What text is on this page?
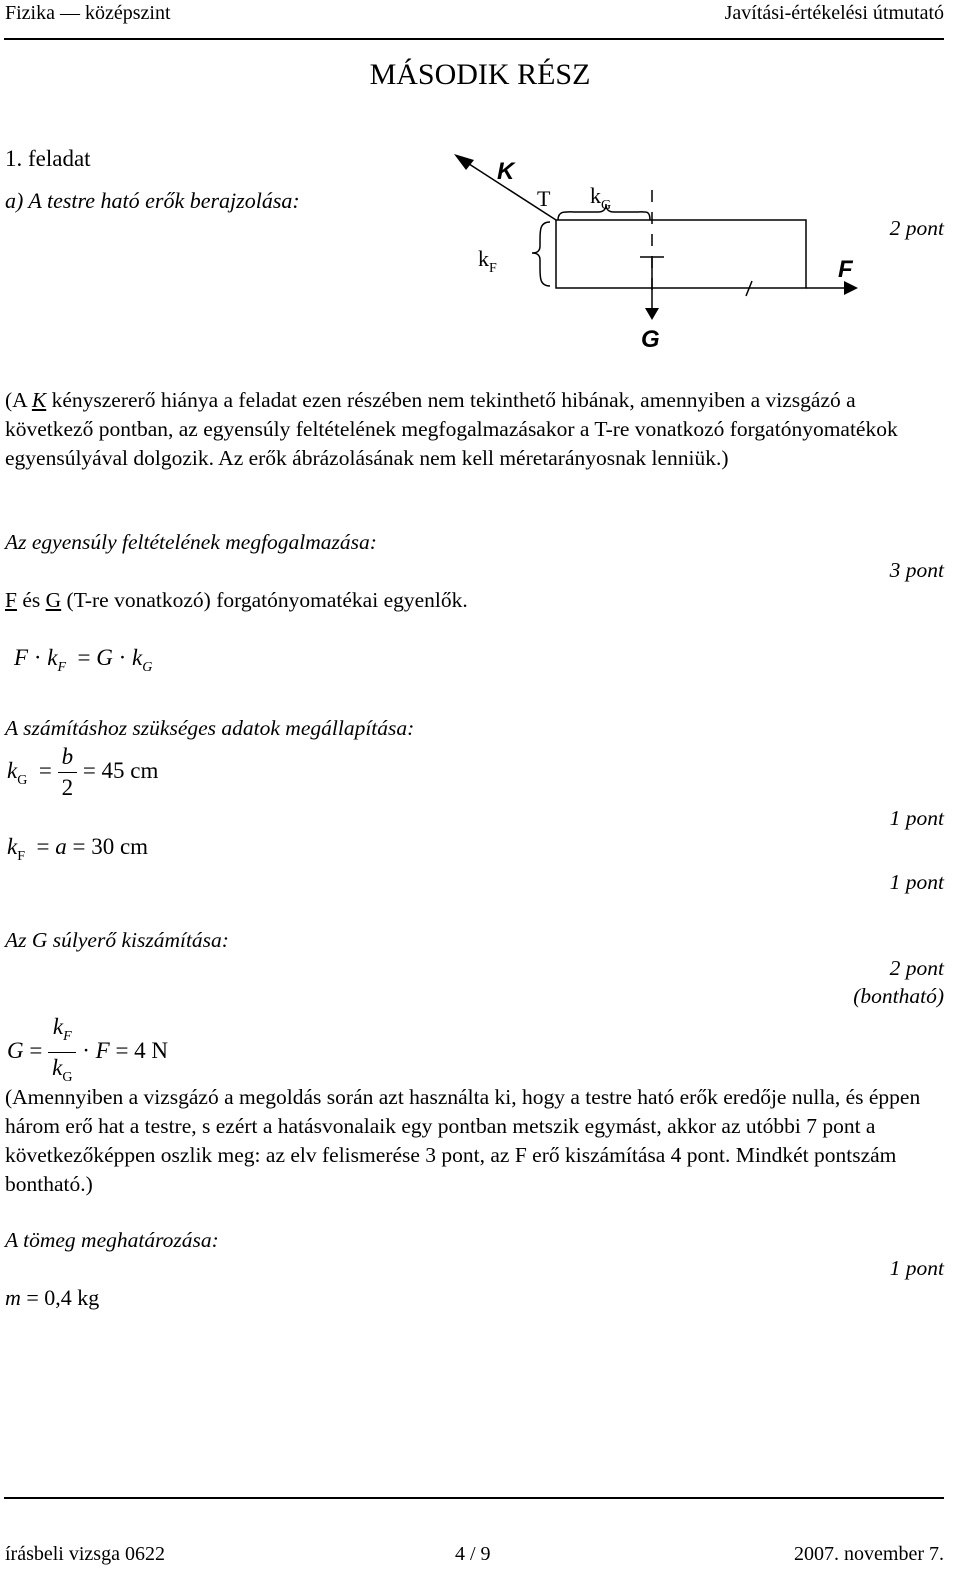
Fizika — középszint	Javítási-értékelési útmutató
MÁSODIK RÉSZ
1. feladat
a) A testre ható erők berajzolása:
K
T $k_G$
$k_F$	F
G
2 pont
(A K kényszererő hiánya a feladat ezen részében nem tekinthető hibának, amennyiben a vizsgázó a következő pontban, az egyensúly feltételének megfogalmazásakor a T-re vonatkozó forgatónyomatékok egyensúlyával dolgozik. Az erők ábrázolásának nem kell méretarányosnak lenniük.)
Az egyensúly feltételének megfogalmazása:
3 pont
F és G (T-re vonatkozó) forgatónyomatékai egyenlők.
$F \cdot k_F = G \cdot k_G$
A számításhoz szükséges adatok megállapítása:
$k_G = \frac{b}{2} = 45$ cm
1 pont
$k_F = a = 30$ cm
1 pont
Az G súlyerő kiszámítása:
2 pont
(bontható)
$G = \frac{k_F}{k_G} \cdot F = 4$ N
(Amennyiben a vizsgázó a megoldás során azt használta ki, hogy a testre ható erők eredője nulla, és éppen három erő hat a testre, s ezért a hatásvonalaik egy pontban metszik egymást, akkor az utóbbi 7 pont a következőképpen oszlik meg: az elv felismerése 3 pont, az F erő kiszámítása 4 pont. Mindkét pontszám bontható.)
A tömeg meghatározása:
1 pont
m = 0,4 kg
írásbeli vizsga 0622	4 / 9	2007. november 7.
